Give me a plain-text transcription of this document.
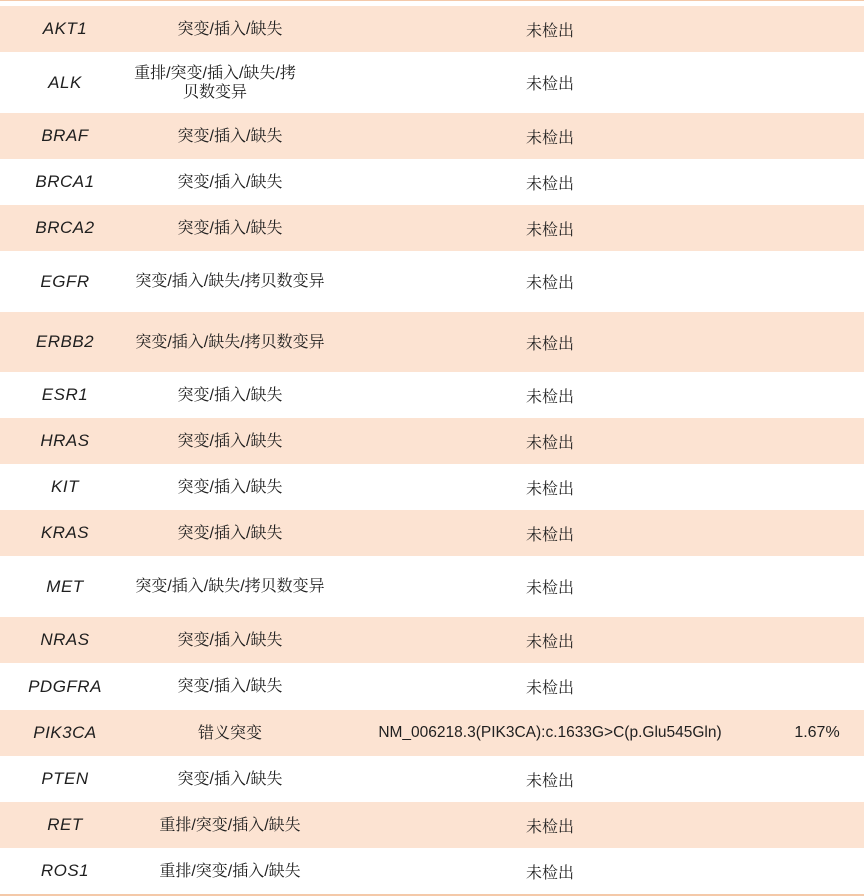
AKT1	突变/插入/缺失	未检出
ALK	重排/突变/插入/缺失/拷贝数变异	未检出
BRAF	突变/插入/缺失	未检出
BRCA1	突变/插入/缺失	未检出
BRCA2	突变/插入/缺失	未检出
EGFR	突变/插入/缺失/拷贝数变异	未检出
ERBB2	突变/插入/缺失/拷贝数变异	未检出
ESR1	突变/插入/缺失	未检出
HRAS	突变/插入/缺失	未检出
KIT	突变/插入/缺失	未检出
KRAS	突变/插入/缺失	未检出
MET	突变/插入/缺失/拷贝数变异	未检出
NRAS	突变/插入/缺失	未检出
PDGFRA	突变/插入/缺失	未检出
PIK3CA	错义突变	NM_006218.3(PIK3CA):c.1633G>C(p.Glu545Gln)	1.67%
PTEN	突变/插入/缺失	未检出
RET	重排/突变/插入/缺失	未检出
ROS1	重排/突变/插入/缺失	未检出
